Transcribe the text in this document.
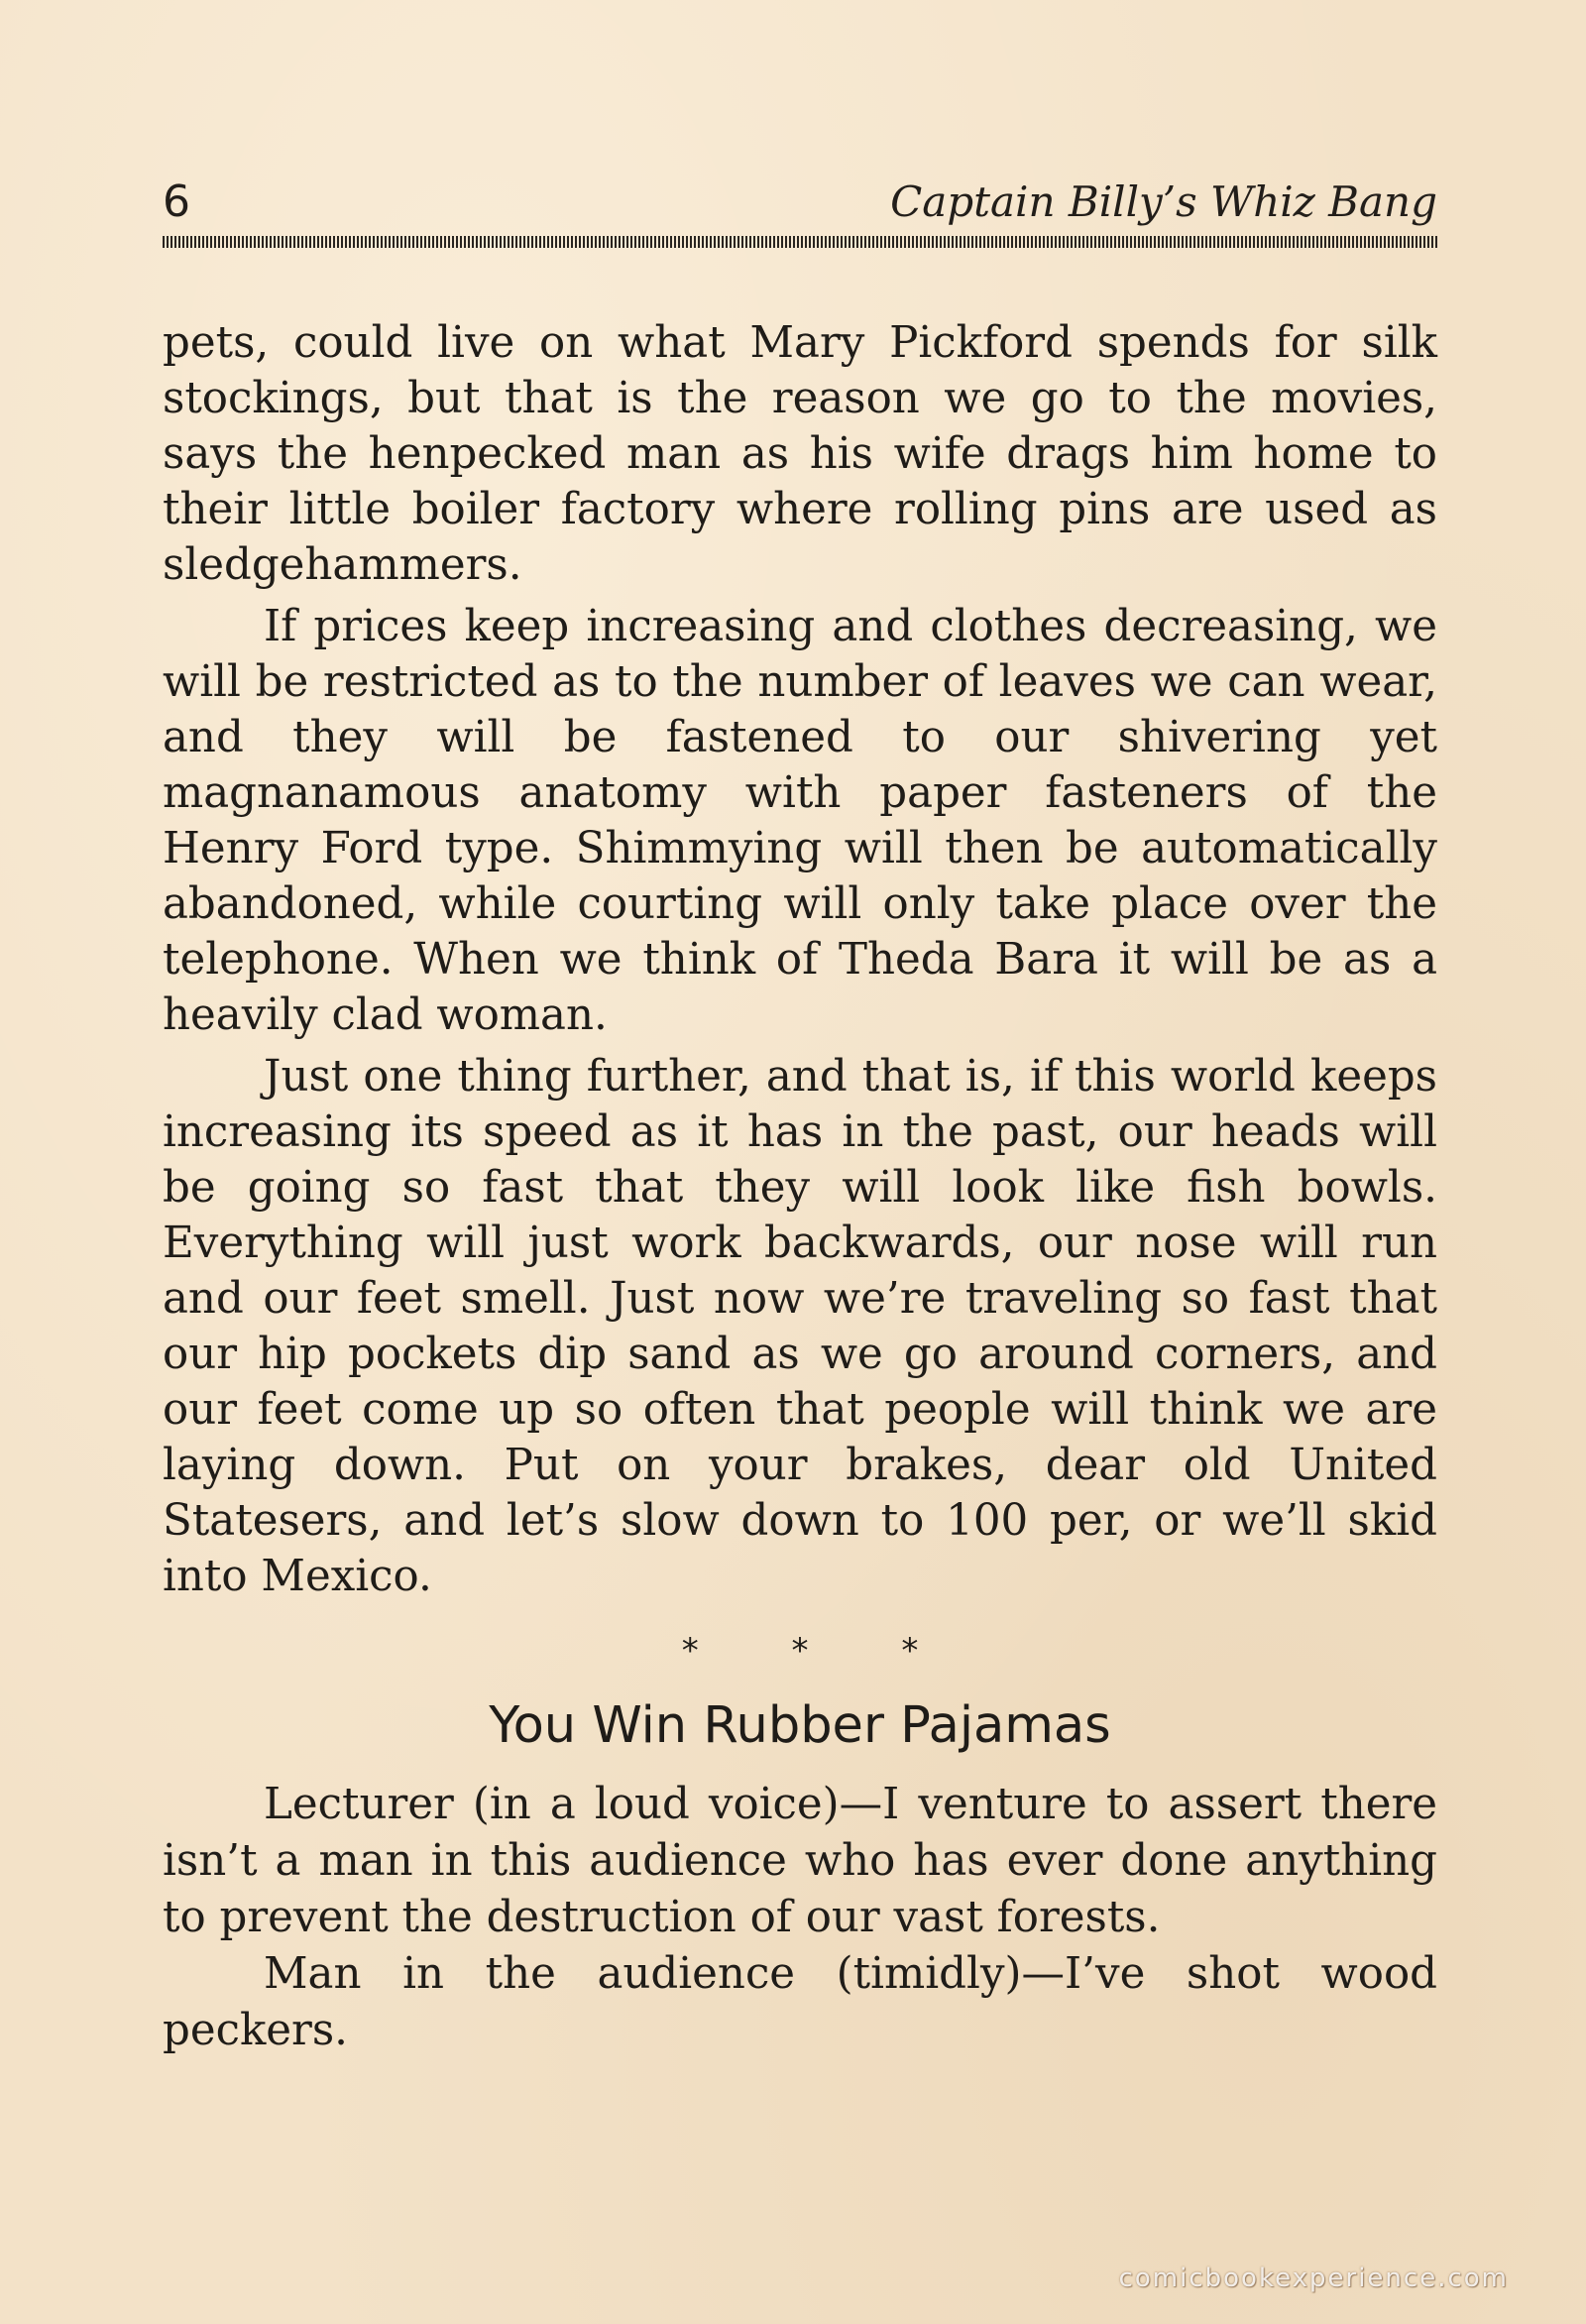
6	Captain Billy’s Whiz Bang

pets, could live on what Mary Pickford spends for silk stockings, but that is the reason we go to the movies, says the henpecked man as his wife drags him home to their little boiler factory where rolling pins are used as sledgehammers.

If prices keep increasing and clothes decreasing, we will be restricted as to the number of leaves we can wear, and they will be fastened to our shivering yet magnanamous anatomy with paper fasteners of the Henry Ford type. Shimmying will then be automatically abandoned, while courting will only take place over the telephone. When we think of Theda Bara it will be as a heavily clad woman.

Just one thing further, and that is, if this world keeps increasing its speed as it has in the past, our heads will be going so fast that they will look like fish bowls. Everything will just work backwards, our nose will run and our feet smell. Just now we’re traveling so fast that our hip pockets dip sand as we go around corners, and our feet come up so often that people will think we are laying down. Put on your brakes, dear old United Statesers, and let’s slow down to 100 per, or we’ll skid into Mexico.

*	*	*
You Win Rubber Pajamas

Lecturer (in a loud voice)—I venture to assert there isn’t a man in this audience who has ever done anything to prevent the destruction of our vast forests.

Man in the audience (timidly)—I’ve shot wood peckers.

comicbookexperience.com
